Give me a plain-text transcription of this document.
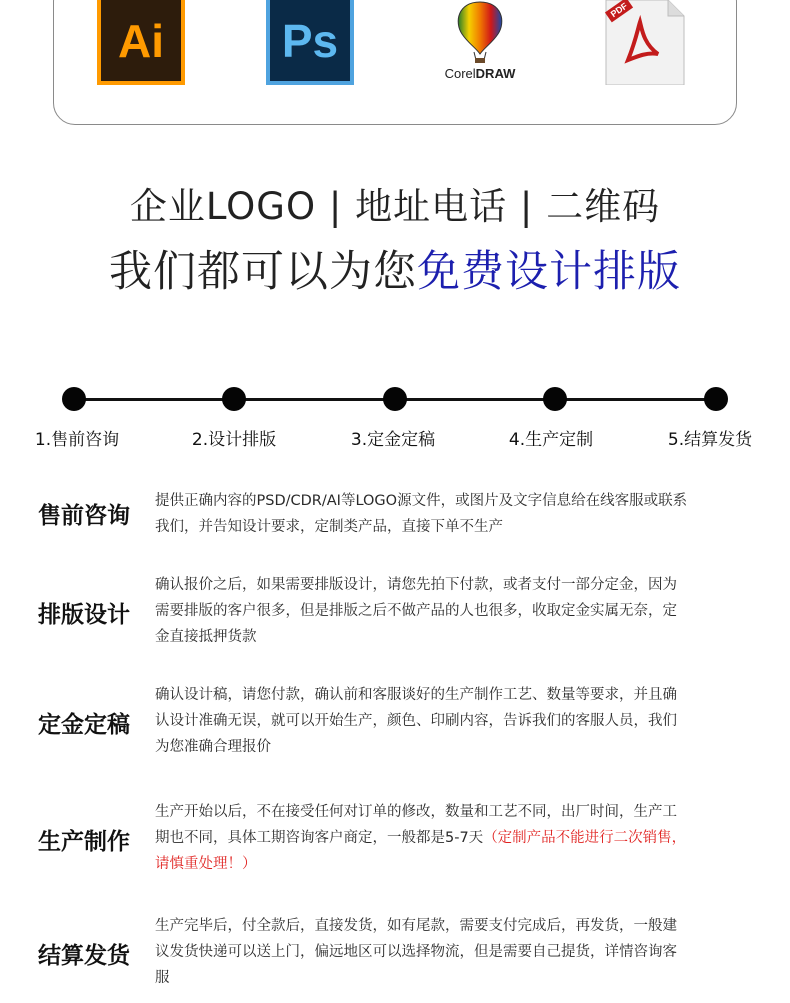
Ai	Ps
CorelDRAW
PDF
企业LOGO | 地址电话 | 二维码
我们都可以为您免费设计排版
1.售前咨询	2.设计排版	3.定金定稿	4.生产定制	5.结算发货
售前咨询
提供正确内容的PSD/CDR/AI等LOGO源文件，或图片及文字信息给在线客服或联系
我们，并告知设计要求，定制类产品，直接下单不生产
排版设计
确认报价之后，如果需要排版设计，请您先拍下付款，或者支付一部分定金，因为
需要排版的客户很多，但是排版之后不做产品的人也很多，收取定金实属无奈，定
金直接抵押货款
定金定稿
确认设计稿，请您付款，确认前和客服谈好的生产制作工艺、数量等要求，并且确
认设计准确无误，就可以开始生产，颜色、印刷内容，告诉我们的客服人员，我们
为您准确合理报价
生产制作
生产开始以后，不在接受任何对订单的修改，数量和工艺不同，出厂时间，生产工
期也不同，具体工期咨询客户商定，一般都是5-7天（定制产品不能进行二次销售，
请慎重处理！）
结算发货
生产完毕后，付全款后，直接发货，如有尾款，需要支付完成后，再发货，一般建
议发货快递可以送上门，偏远地区可以选择物流，但是需要自己提货，详情咨询客
服
